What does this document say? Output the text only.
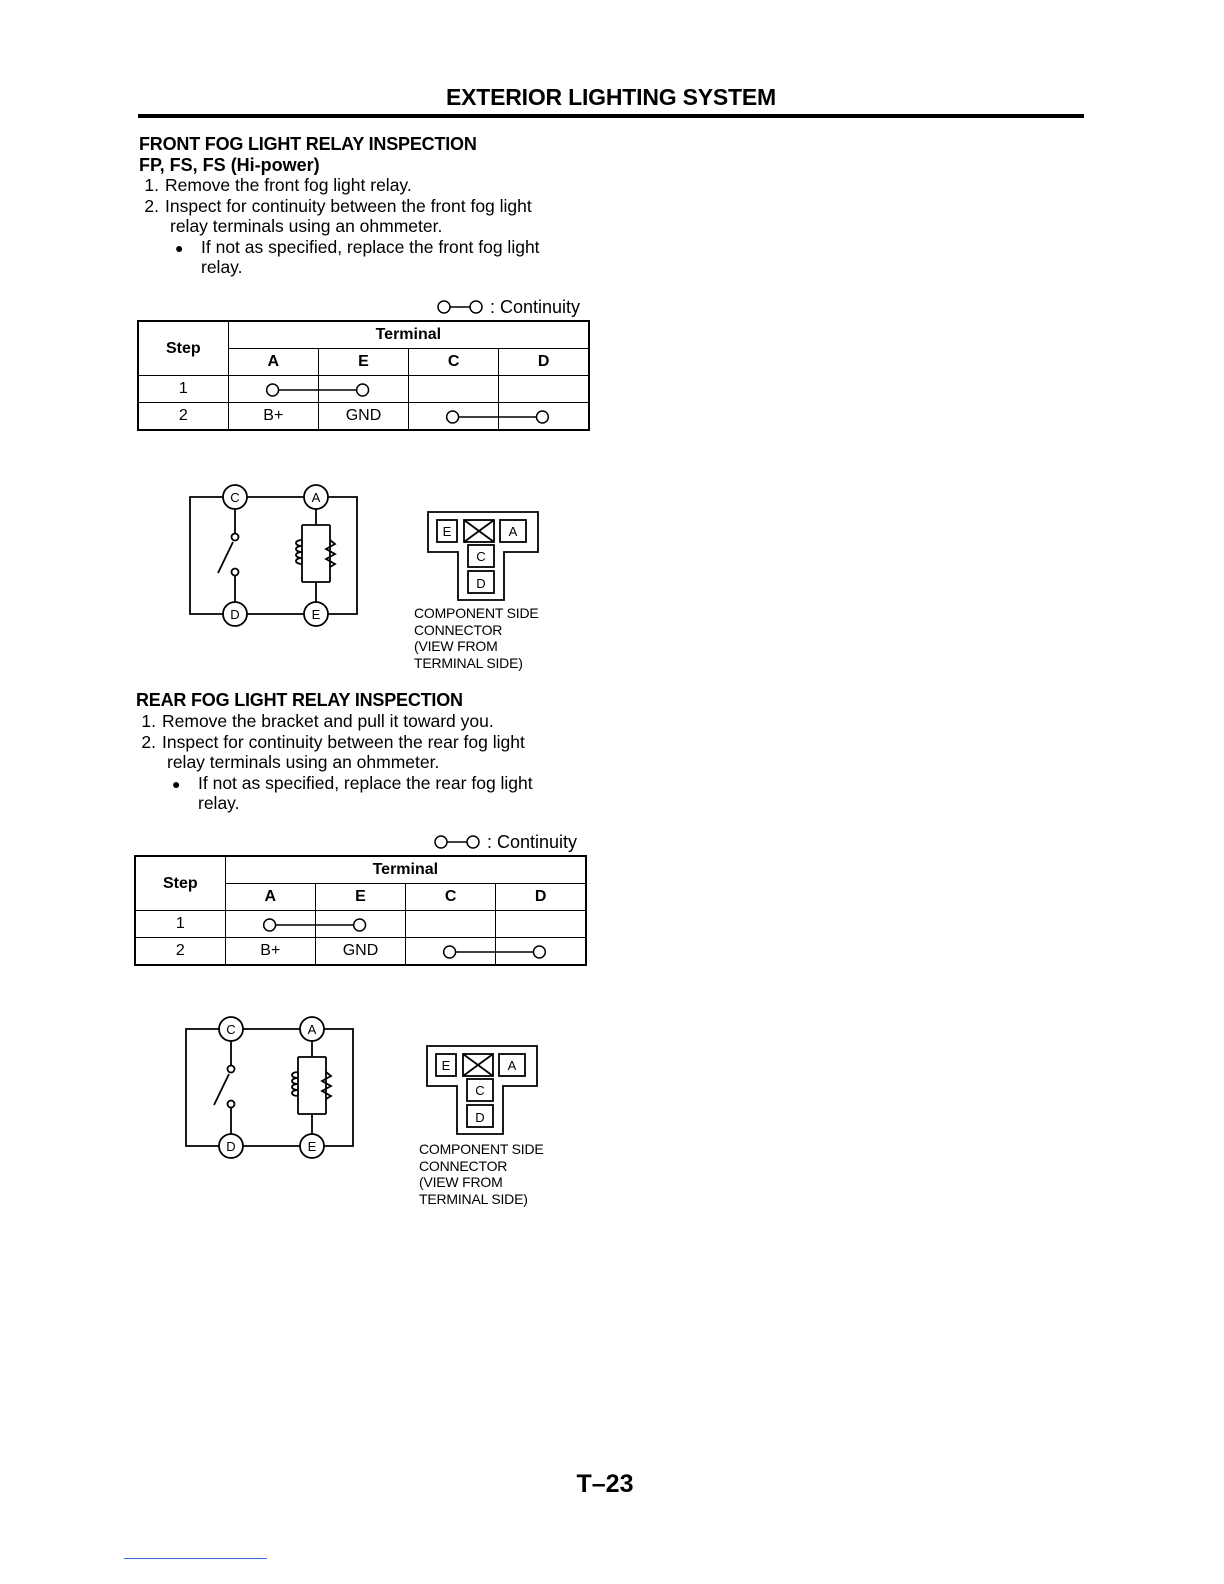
EXTERIOR LIGHTING SYSTEM
FRONT FOG LIGHT RELAY INSPECTION
FP, FS, FS (Hi-power)
1. Remove the front fog light relay.
2. Inspect for continuity between the front fog light
relay terminals using an ohmmeter.
●	If not as specified, replace the front fog light
relay.
: Continuity
Step	Terminal			
	A	E	C	D
1	

2	B+	GND	

C	A
D	E
E	A
C
D
COMPONENT SIDE
CONNECTOR
(VIEW FROM
TERMINAL SIDE)
REAR FOG LIGHT RELAY INSPECTION
1. Remove the bracket and pull it toward you.
2. Inspect for continuity between the rear fog light
relay terminals using an ohmmeter.
●	If not as specified, replace the rear fog light
relay.
: Continuity
Step	Terminal			
	A	E	C	D
1	

2	B+	GND	

C	A
D	E
E	A
C
D
COMPONENT SIDE
CONNECTOR
(VIEW FROM
TERMINAL SIDE)
T–23
